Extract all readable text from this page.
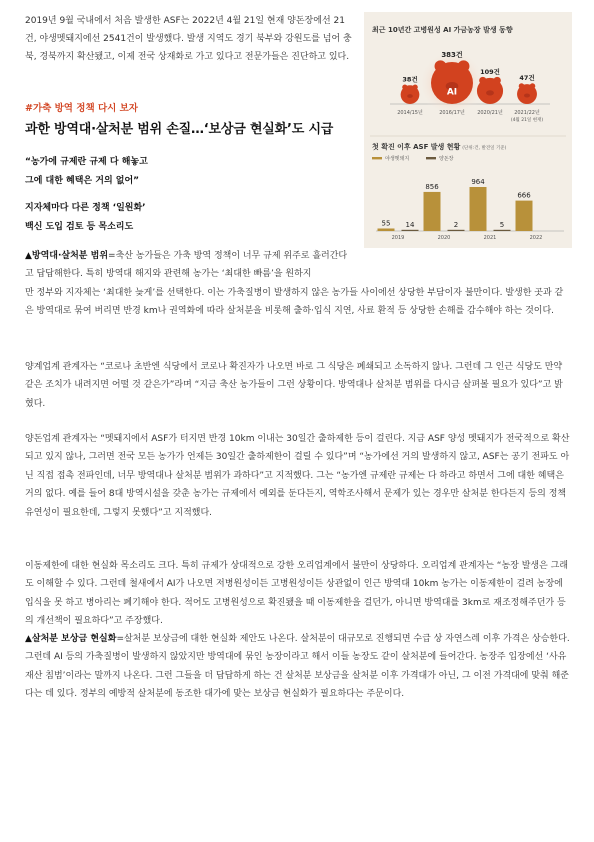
2019년 9월 국내에서 처음 발생한 ASF는 2022년 4월 21일 현재 양돈장에선 21건, 야생멧돼지에선 2541건이 발생했다. 발생 지역도 경기 북부와 강원도를 넘어 충북, 경북까지 확산됐고, 이제 전국 상재화로 가고 있다고 전문가들은 진단하고 있다.
#가축 방역 정책 다시 보자
과한 방역대·살처분 범위 손질…‘보상금 현실화’도 시급
“농가에 규제란 규제 다 해놓고
그에 대한 혜택은 거의 없어”
지자체마다 다른 정책 ‘일원화’
백신 도입 검토 등 목소리도
최근 10년간 고병원성 AI 가금농장 발생 동향
38건
2014/15년
383건
AI
2016/17년
109건
2020/21년
47건
2021/22년
(4월 21일 현재)
첫 확진 이후 ASF 발생 현황 (단위:건, 발견일 기준)
야생멧돼지	양돈장
55 14
2019
856
2
2020
964
5
2021
666
2022

▲방역대·살처분 범위=축산 농가들은 가축 방역 정책이 너무 규제 위주로 흘러간다고 답답해한다. 특히 방역대 해지와 관련해 농가는 ‘최대한 빠름’을 원하지

만 정부와 지자체는 ‘최대한 늦게’를 선택한다. 이는 가축질병이 발생하지 않은 농가들 사이에선 상당한 부담이자 불만이다. 발생한 곳과 같은 방역대로 묶여 버리면 반경 km나 권역화에 따라 살처분을 비롯해 출하·입식 지연, 사료 환적 등 상당한 손해를 감수해야 하는 것이다.

양계업계 관계자는 “코로나 초반엔 식당에서 코로나 확진자가 나오면 바로 그 식당은 폐쇄되고 소독하지 않나. 그런데 그 인근 식당도 만약 같은 조치가 내려지면 어떨 것 같은가”라며 “지금 축산 농가들이 그런 상황이다. 방역대나 살처분 범위를 다시금 살펴볼 필요가 있다”고 밝혔다.

양돈업계 관계자는 “멧돼지에서 ASF가 터지면 반경 10km 이내는 30일간 출하제한 등이 걸린다. 지금 ASF 양성 멧돼지가 전국적으로 확산되고 있지 않나, 그러면 전국 모든 농가가 언제든 30일간 출하제한이 걸릴 수 있다”며 “농가에선 거의 발생하지 않고, ASF는 공기 전파도 아닌 직접 접촉 전파인데, 너무 방역대나 살처분 범위가 과하다”고 지적했다. 그는 “농가엔 규제란 규제는 다 하라고 하면서 그에 대한 혜택은 거의 없다. 예를 들어 8대 방역시설을 갖춘 농가는 규제에서 예외를 둔다든지, 역학조사해서 문제가 있는 경우만 살처분 한다든지 등의 정책 유연성이 필요한데, 그렇지 못했다”고 지적했다.

이동제한에 대한 현실화 목소리도 크다. 특히 규제가 상대적으로 강한 오리업계에서 불만이 상당하다. 오리업계 관계자는 “농장 발생은 그래도 이해할 수 있다. 그런데 철새에서 AI가 나오면 저병원성이든 고병원성이든 상관없이 인근 방역대 10km 농가는 이동제한이 걸려 농장에 입식을 못 하고 병아리는 폐기해야 한다. 적어도 고병원성으로 확진됐을 때 이동제한을 걸던가, 아니면 방역대를 3km로 재조정해주던가 등의 개선책이 필요하다”고 주장했다.

▲살처분 보상금 현실화=살처분 보상금에 대한 현실화 제안도 나온다. 살처분이 대규모로 진행되면 수급 상 자연스레 이후 가격은 상승한다. 그런데 AI 등의 가축질병이 발생하지 않았지만 방역대에 묶인 농장이라고 해서 이들 농장도 같이 살처분에 들어간다. 농장주 입장에선 ‘사유재산 침범’이라는 말까지 나온다. 그런 그들을 더 답답하게 하는 건 살처분 보상금을 살처분 이후 가격대가 아닌, 그 이전 가격대에 맞춰 해준다는 데 있다. 정부의 예방적 살처분에 동조한 대가에 맞는 보상금 현실화가 필요하다는 주문이다.
